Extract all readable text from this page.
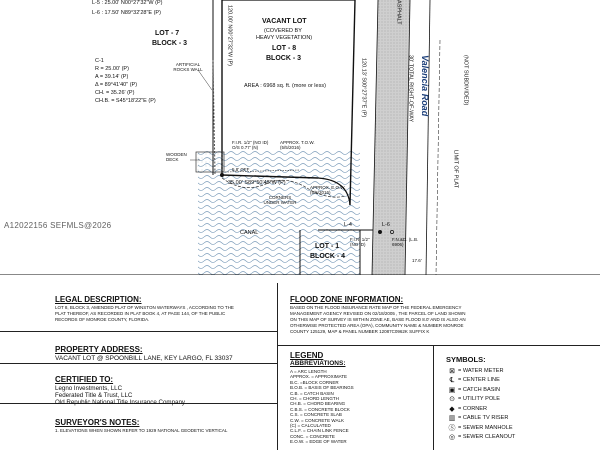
L-5 : 25.00' N00°27'32"W (P)
L-6 : 17.50' N89°32'28"E (P)
LOT - 7
BLOCK - 3
C-1
R = 25.00' (P)
A = 39.14' (P)
Δ = 89°41'40" (P)
CH. = 35.26' (P)
CH.B. = S45°18'22"E (P)
VACANT LOT
(COVERED BY
HEAVY VEGETATION)
LOT - 8
BLOCK - 3
AREA : 6968 sq. ft. (more or less)
120.00' N00°27'32"W (P)
120.13' S00°27'37"E (P)
ARTIFICIAL ROCKS WALL
WOODEN DECK
F.I.R. 1/2" (NO ID) O/S 0.77' (N)
APPROX. T.O.W. (5/5/2016)
5.8' OFF
35.00' S89°50'48"W (P)
APPROX. E.O.W. (5/5/2016)
CORNERS UNDER WATER
CANAL
L-4	L-6
LOT - 1
BLOCK - 4
F.I.R. 1/2" (NO ID)
F.N.&D. (L.B. 6906)
17.6'
Valencia Road
30' TOTAL RIGHT-OF-WAY
ASPHALT
(NOT SUBDIVIDED)
LIMIT OF PLAT
A12022156 SEFMLS@2026
LEGAL DESCRIPTION:
LOT 8, BLOCK 3, AMENDED PLAT OF WINSTON WATERWAYS , ACCORDING TO THE
PLAT THEREOF, AS RECORDED IN PLAT BOOK 4, AT PAGE 144, OF THE PUBLIC
RECORDS OF MONROE COUNTY, FLORIDA.
PROPERTY ADDRESS:
VACANT LOT @ SPOONBILL LANE, KEY LARGO, FL 33037
CERTIFIED TO:
Legno Investments, LLC
Federated Title & Trust, LLC
Old Republic National Title Insurance Company
SURVEYOR'S NOTES:
1. ELEVATIONS WHEN SHOWN REFER TO 1929 NATIONAL GEODETIC VERTICAL
FLOOD ZONE INFORMATION:
BASED ON THE FLOOD INSURANCE RATE MAP OF THE FEDERAL EMERGENCY
MANAGEMENT AGENCY REVISED ON 02/18/2005 , THE PARCEL OF LAND SHOWN
ON THIS MAP OF SURVEY IS WITHIN ZONE AE, BASE FLOOD 8.0' AND IS ALSO AN
OTHERWISE PROTECTED AREA (OPA), COMMUNITY NAME & NUMBER MONROE
COUNTY 125129, MAP & PANEL NUMBER 12087C0962K SUFFIX K
LEGEND
ABBREVIATIONS:
A = ARC LENGTH
APPROX. = APPROXIMATE
B.C. =BLOCK CORNER
B.O.B. = BASIS OF BEARINGS
C.B. = CATCH BASIN
CH. = CHORD LENGTH
CH.B. = CHORD BEARING
C.B.S. = CONCRETE BLOCK
C.S. = CONCRETE SLAB
C.W. = CONCRETE WALK
(C) = CALCULATED
C.L.F. = CHAIN LINK FENCE
CONC. = CONCRETE
E.O.W. = EDGE OF WATER
SYMBOLS:
⊠ = WATER METER
℄ = CENTER LINE
▣ = CATCH BASIN
⊙ = UTILITY POLE
◆ = CORNER
▥ = CABLE TV RISER
Ⓢ = SEWER MANHOLE
◎ = SEWER CLEANOUT
